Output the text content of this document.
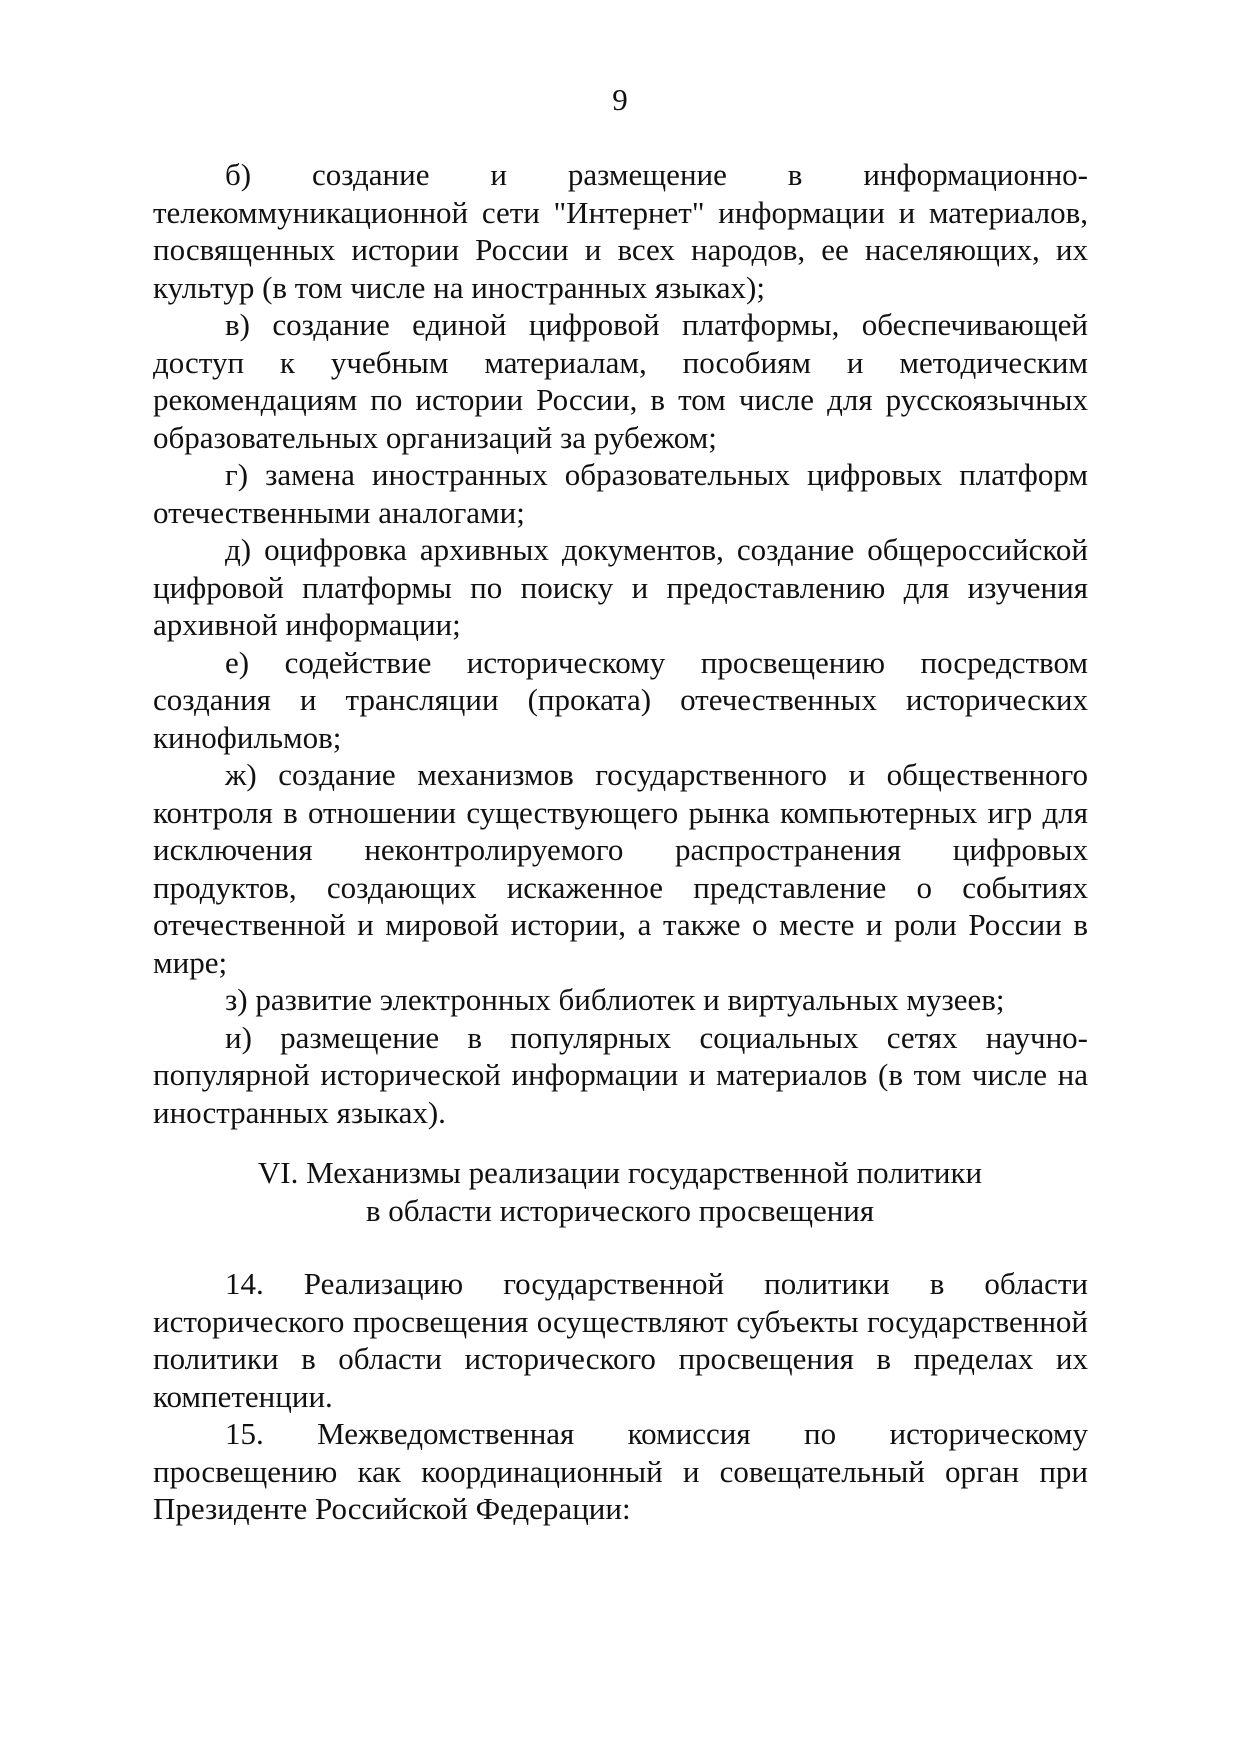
9

б) создание и размещение в информационно-телекоммуникационной сети "Интернет" информации и материалов, посвященных истории России и всех народов, ее населяющих, их культур (в том числе на иностранных языках);

в) создание единой цифровой платформы, обеспечивающей доступ к учебным материалам, пособиям и методическим рекомендациям по истории России, в том числе для русскоязычных образовательных организаций за рубежом;

г) замена иностранных образовательных цифровых платформ отечественными аналогами;

д) оцифровка архивных документов, создание общероссийской цифровой платформы по поиску и предоставлению для изучения архивной информации;

е) содействие историческому просвещению посредством создания и трансляции (проката) отечественных исторических кинофильмов;

ж) создание механизмов государственного и общественного контроля в отношении существующего рынка компьютерных игр для исключения неконтролируемого распространения цифровых продуктов, создающих искаженное представление о событиях отечественной и мировой истории, а также о месте и роли России в мире;

з) развитие электронных библиотек и виртуальных музеев;

и) размещение в популярных социальных сетях научно-популярной исторической информации и материалов (в том числе на иностранных языках).

VI. Механизмы реализации государственной политики
в области исторического просвещения

14. Реализацию государственной политики в области исторического просвещения осуществляют субъекты государственной политики в области исторического просвещения в пределах их компетенции.

15. Межведомственная комиссия по историческому просвещению как координационный и совещательный орган при Президенте Российской Федерации:
